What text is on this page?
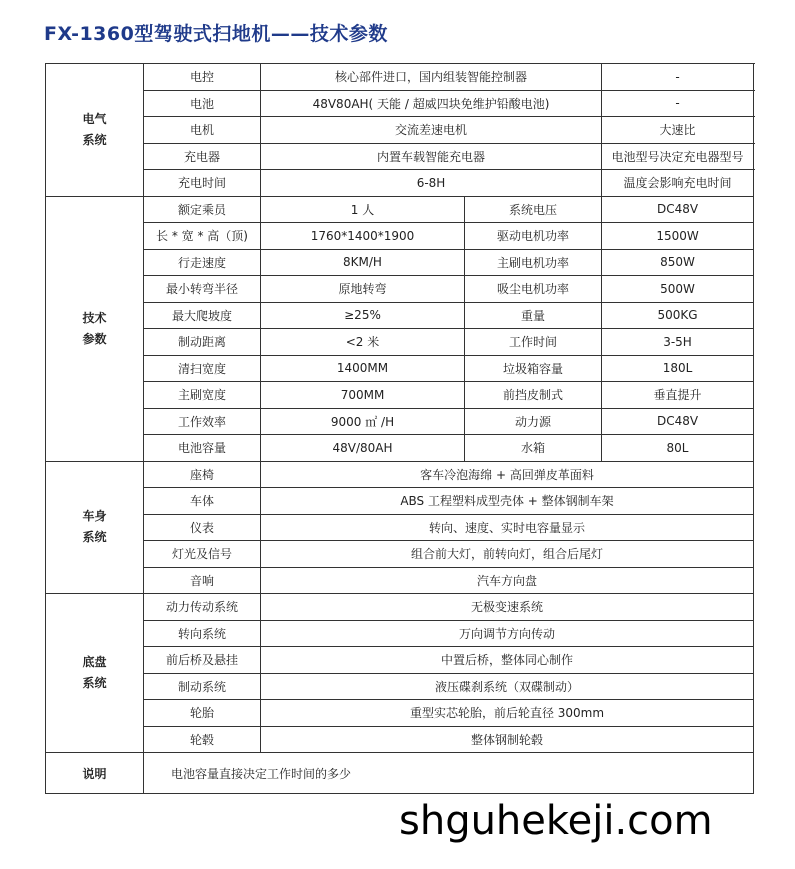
FX-1360型驾驶式扫地机——技术参数
电气
系统	电控	核心部件进口，国内组装智能控制器		-
	电池	48V80AH( 天能 / 超威四块免维护铅酸电池)		-
	电机	交流差速电机		大速比
	充电器	内置车载智能充电器		电池型号决定充电器型号
	充电时间	6-8H		温度会影响充电时间

技术
参数	额定乘员	1 人	系统电压	DC48V
	长 * 宽 * 高（顶)	1760*1400*1900	驱动电机功率	1500W
	行走速度	8KM/H	主刷电机功率	850W
	最小转弯半径	原地转弯	吸尘电机功率	500W
	最大爬坡度	≥25%	重量	500KG
	制动距离	<2 米	工作时间	3-5H
	清扫宽度	1400MM	垃圾箱容量	180L
	主刷宽度	700MM	前挡皮制式	垂直提升
	工作效率	9000 ㎡ /H	动力源	DC48V
	电池容量	48V/80AH	水箱	80L

车身
系统	座椅	客车冷泡海绵 + 高回弹皮革面料		
	车体	ABS 工程塑料成型壳体 + 整体钢制车架		
	仪表	转向、速度、实时电容量显示		
	灯光及信号	组合前大灯，前转向灯，组合后尾灯		
	音响	汽车方向盘		

底盘
系统	动力传动系统	无极变速系统		
	转向系统	万向调节方向传动		
	前后桥及悬挂	中置后桥，整体同心制作		
	制动系统	液压碟刹系统（双碟制动）		
	轮胎	重型实芯轮胎，前后轮直径 300mm		
	轮毂	整体钢制轮毂		
说明	电池容量直接决定工作时间的多少			
shguhekeji.com
